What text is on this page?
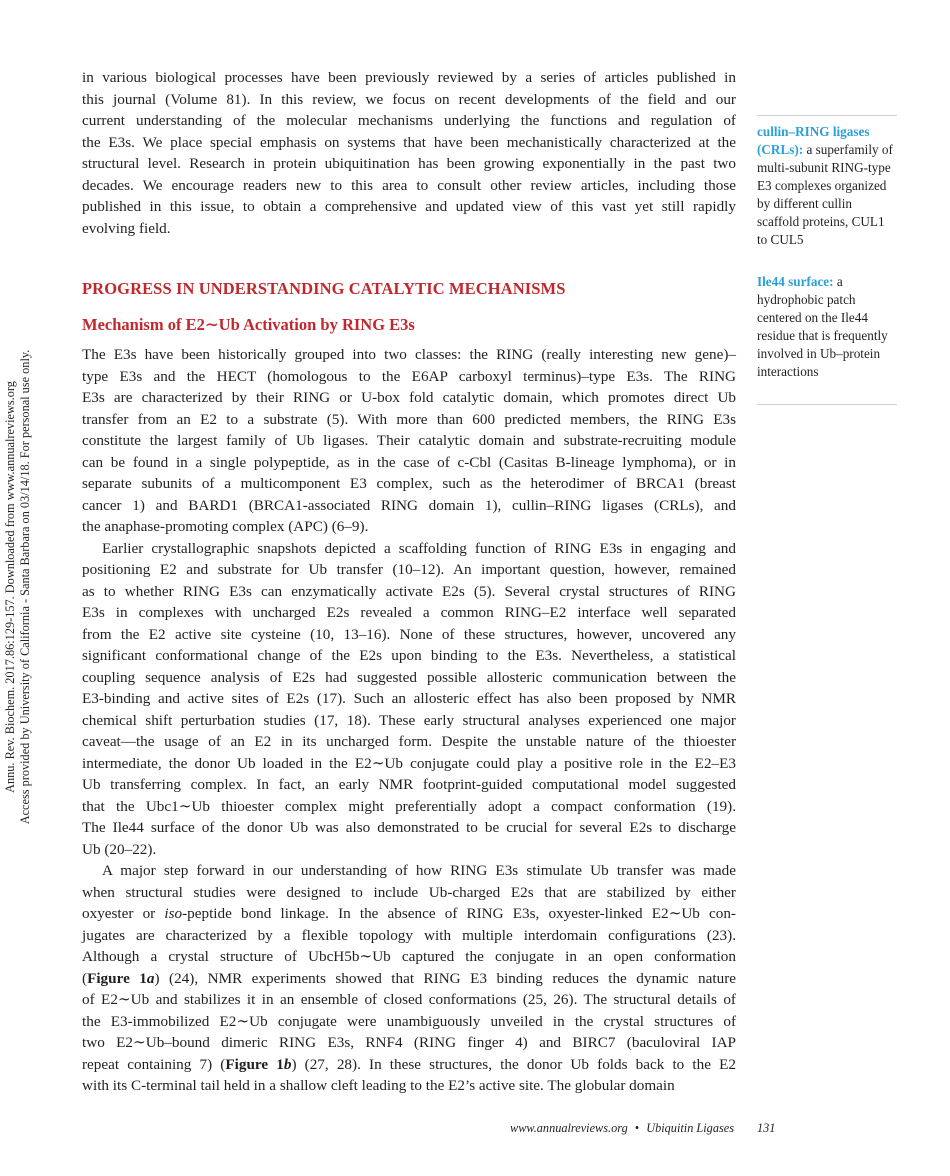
Annu. Rev. Biochem. 2017.86:129-157. Downloaded from www.annualreviews.org Access provided by University of California - Santa Barbara on 03/14/18. For personal use only.
in various biological processes have been previously reviewed by a series of articles published in
this journal (Volume 81). In this review, we focus on recent developments of the field and our
current understanding of the molecular mechanisms underlying the functions and regulation of
the E3s. We place special emphasis on systems that have been mechanistically characterized at the
structural level. Research in protein ubiquitination has been growing exponentially in the past two
decades. We encourage readers new to this area to consult other review articles, including those
published in this issue, to obtain a comprehensive and updated view of this vast yet still rapidly
evolving field.
PROGRESS IN UNDERSTANDING CATALYTIC MECHANISMS
Mechanism of E2∼Ub Activation by RING E3s
The E3s have been historically grouped into two classes: the RING (really interesting new gene)–
type E3s and the HECT (homologous to the E6AP carboxyl terminus)–type E3s. The RING
E3s are characterized by their RING or U-box fold catalytic domain, which promotes direct Ub
transfer from an E2 to a substrate (5). With more than 600 predicted members, the RING E3s
constitute the largest family of Ub ligases. Their catalytic domain and substrate-recruiting module
can be found in a single polypeptide, as in the case of c-Cbl (Casitas B-lineage lymphoma), or in
separate subunits of a multicomponent E3 complex, such as the heterodimer of BRCA1 (breast
cancer 1) and BARD1 (BRCA1-associated RING domain 1), cullin–RING ligases (CRLs), and
the anaphase-promoting complex (APC) (6–9).
Earlier crystallographic snapshots depicted a scaffolding function of RING E3s in engaging and
positioning E2 and substrate for Ub transfer (10–12). An important question, however, remained
as to whether RING E3s can enzymatically activate E2s (5). Several crystal structures of RING
E3s in complexes with uncharged E2s revealed a common RING–E2 interface well separated
from the E2 active site cysteine (10, 13–16). None of these structures, however, uncovered any
significant conformational change of the E2s upon binding to the E3s. Nevertheless, a statistical
coupling sequence analysis of E2s had suggested possible allosteric communication between the
E3-binding and active sites of E2s (17). Such an allosteric effect has also been proposed by NMR
chemical shift perturbation studies (17, 18). These early structural analyses experienced one major
caveat—the usage of an E2 in its uncharged form. Despite the unstable nature of the thioester
intermediate, the donor Ub loaded in the E2∼Ub conjugate could play a positive role in the E2–E3
Ub transferring complex. In fact, an early NMR footprint-guided computational model suggested
that the Ubc1∼Ub thioester complex might preferentially adopt a compact conformation (19).
The Ile44 surface of the donor Ub was also demonstrated to be crucial for several E2s to discharge
Ub (20–22).
A major step forward in our understanding of how RING E3s stimulate Ub transfer was made
when structural studies were designed to include Ub-charged E2s that are stabilized by either
oxyester or iso-peptide bond linkage. In the absence of RING E3s, oxyester-linked E2∼Ub con-
jugates are characterized by a flexible topology with multiple interdomain configurations (23).
Although a crystal structure of UbcH5b∼Ub captured the conjugate in an open conformation
(Figure 1a) (24), NMR experiments showed that RING E3 binding reduces the dynamic nature
of E2∼Ub and stabilizes it in an ensemble of closed conformations (25, 26). The structural details of
the E3-immobilized E2∼Ub conjugate were unambiguously unveiled in the crystal structures of
two E2∼Ub–bound dimeric RING E3s, RNF4 (RING finger 4) and BIRC7 (baculoviral IAP
repeat containing 7) (Figure 1b) (27, 28). In these structures, the donor Ub folds back to the E2
with its C-terminal tail held in a shallow cleft leading to the E2’s active site. The globular domain
cullin–RING ligases (CRLs): a superfamily of multi-subunit RING-type E3 complexes organized by different cullin scaffold proteins, CUL1 to CUL5
Ile44 surface: a hydrophobic patch centered on the Ile44 residue that is frequently involved in Ub–protein interactions
www.annualreviews.org • Ubiquitin Ligases 131
